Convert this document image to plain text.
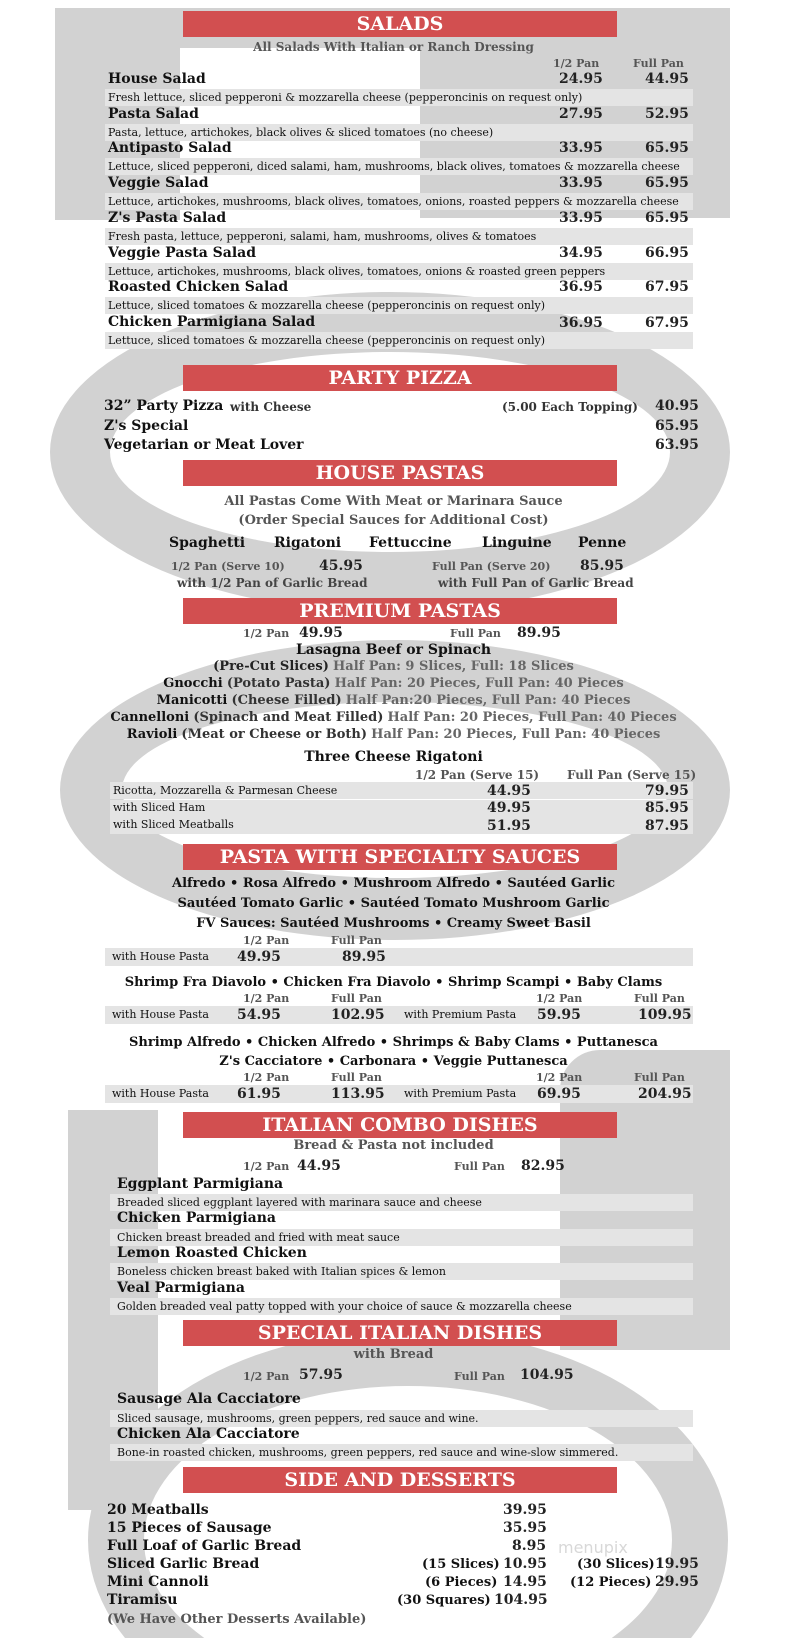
SALADS
All Salads With Italian or Ranch Dressing
1/2 Pan	Full Pan
House Salad	24.95	44.95
Fresh lettuce, sliced pepperoni & mozzarella cheese (pepperoncinis on request only)
Pasta Salad	27.95	52.95
Pasta, lettuce, artichokes, black olives & sliced tomatoes (no cheese)
Antipasto Salad	33.95	65.95
Lettuce, sliced pepperoni, diced salami, ham, mushrooms, black olives, tomatoes & mozzarella cheese
Veggie Salad	33.95	65.95
Lettuce, artichokes, mushrooms, black olives, tomatoes, onions, roasted peppers & mozzarella cheese
Z's Pasta Salad	33.95	65.95
Fresh pasta, lettuce, pepperoni, salami, ham, mushrooms, olives & tomatoes
Veggie Pasta Salad	34.95	66.95
Lettuce, artichokes, mushrooms, black olives, tomatoes, onions & roasted green peppers
Roasted Chicken Salad	36.95	67.95
Lettuce, sliced tomatoes & mozzarella cheese (pepperoncinis on request only)
Chicken Parmigiana Salad	36.95	67.95
Lettuce, sliced tomatoes & mozzarella cheese (pepperoncinis on request only)
PARTY PIZZA
32” Party Pizza with Cheese	(5.00 Each Topping) 40.95
Z's Special	65.95
Vegetarian or Meat Lover	63.95
HOUSE PASTAS
All Pastas Come With Meat or Marinara Sauce
(Order Special Sauces for Additional Cost)
Spaghetti Rigatoni Fettuccine Linguine Penne
1/2 Pan (Serve 10) 45.95	Full Pan (Serve 20) 85.95
with 1/2 Pan of Garlic Bread	with Full Pan of Garlic Bread
PREMIUM PASTAS
1/2 Pan 49.95	Full Pan 89.95
Lasagna Beef or Spinach
(Pre-Cut Slices) Half Pan: 9 Slices, Full: 18 Slices
Gnocchi (Potato Pasta) Half Pan: 20 Pieces, Full Pan: 40 Pieces
Manicotti (Cheese Filled) Half Pan:20 Pieces, Full Pan: 40 Pieces
Cannelloni (Spinach and Meat Filled) Half Pan: 20 Pieces, Full Pan: 40 Pieces
Ravioli (Meat or Cheese or Both) Half Pan: 20 Pieces, Full Pan: 40 Pieces
Three Cheese Rigatoni
1/2 Pan (Serve 15) Full Pan (Serve 15)
Ricotta, Mozzarella & Parmesan Cheese	44.95	79.95
with Sliced Ham	49.95	85.95
with Sliced Meatballs	51.95	87.95
PASTA WITH SPECIALTY SAUCES
Alfredo • Rosa Alfredo • Mushroom Alfredo • Sautéed Garlic
Sautéed Tomato Garlic • Sautéed Tomato Mushroom Garlic
FV Sauces: Sautéed Mushrooms • Creamy Sweet Basil
1/2 Pan	Full Pan
with House Pasta 49.95	89.95
Shrimp Fra Diavolo • Chicken Fra Diavolo • Shrimp Scampi • Baby Clams
1/2 Pan	Full Pan	1/2 Pan	Full Pan
with House Pasta 54.95	102.95 with Premium Pasta 59.95	109.95
Shrimp Alfredo • Chicken Alfredo • Shrimps & Baby Clams • Puttanesca
Z's Cacciatore • Carbonara • Veggie Puttanesca
1/2 Pan	Full Pan	1/2 Pan	Full Pan
with House Pasta 61.95	113.95 with Premium Pasta 69.95	204.95
ITALIAN COMBO DISHES
Bread & Pasta not included
1/2 Pan 44.95	Full Pan 82.95
Eggplant Parmigiana
Breaded sliced eggplant layered with marinara sauce and cheese
Chicken Parmigiana
Chicken breast breaded and fried with meat sauce
Lemon Roasted Chicken
Boneless chicken breast baked with Italian spices & lemon
Veal Parmigiana
Golden breaded veal patty topped with your choice of sauce & mozzarella cheese
SPECIAL ITALIAN DISHES
with Bread
1/2 Pan 57.95	Full Pan 104.95
Sausage Ala Cacciatore
Sliced sausage, mushrooms, green peppers, red sauce and wine.
Chicken Ala Cacciatore
Bone-in roasted chicken, mushrooms, green peppers, red sauce and wine-slow simmered.
SIDE AND DESSERTS
20 Meatballs	39.95
15 Pieces of Sausage	35.95
Full Loaf of Garlic Bread	8.95
Sliced Garlic Bread	(15 Slices) 10.95 (30 Slices) 19.95
Mini Cannoli	(6 Pieces) 14.95 (12 Pieces) 29.95
Tiramisu	(30 Squares) 104.95
(We Have Other Desserts Available)
menupix
